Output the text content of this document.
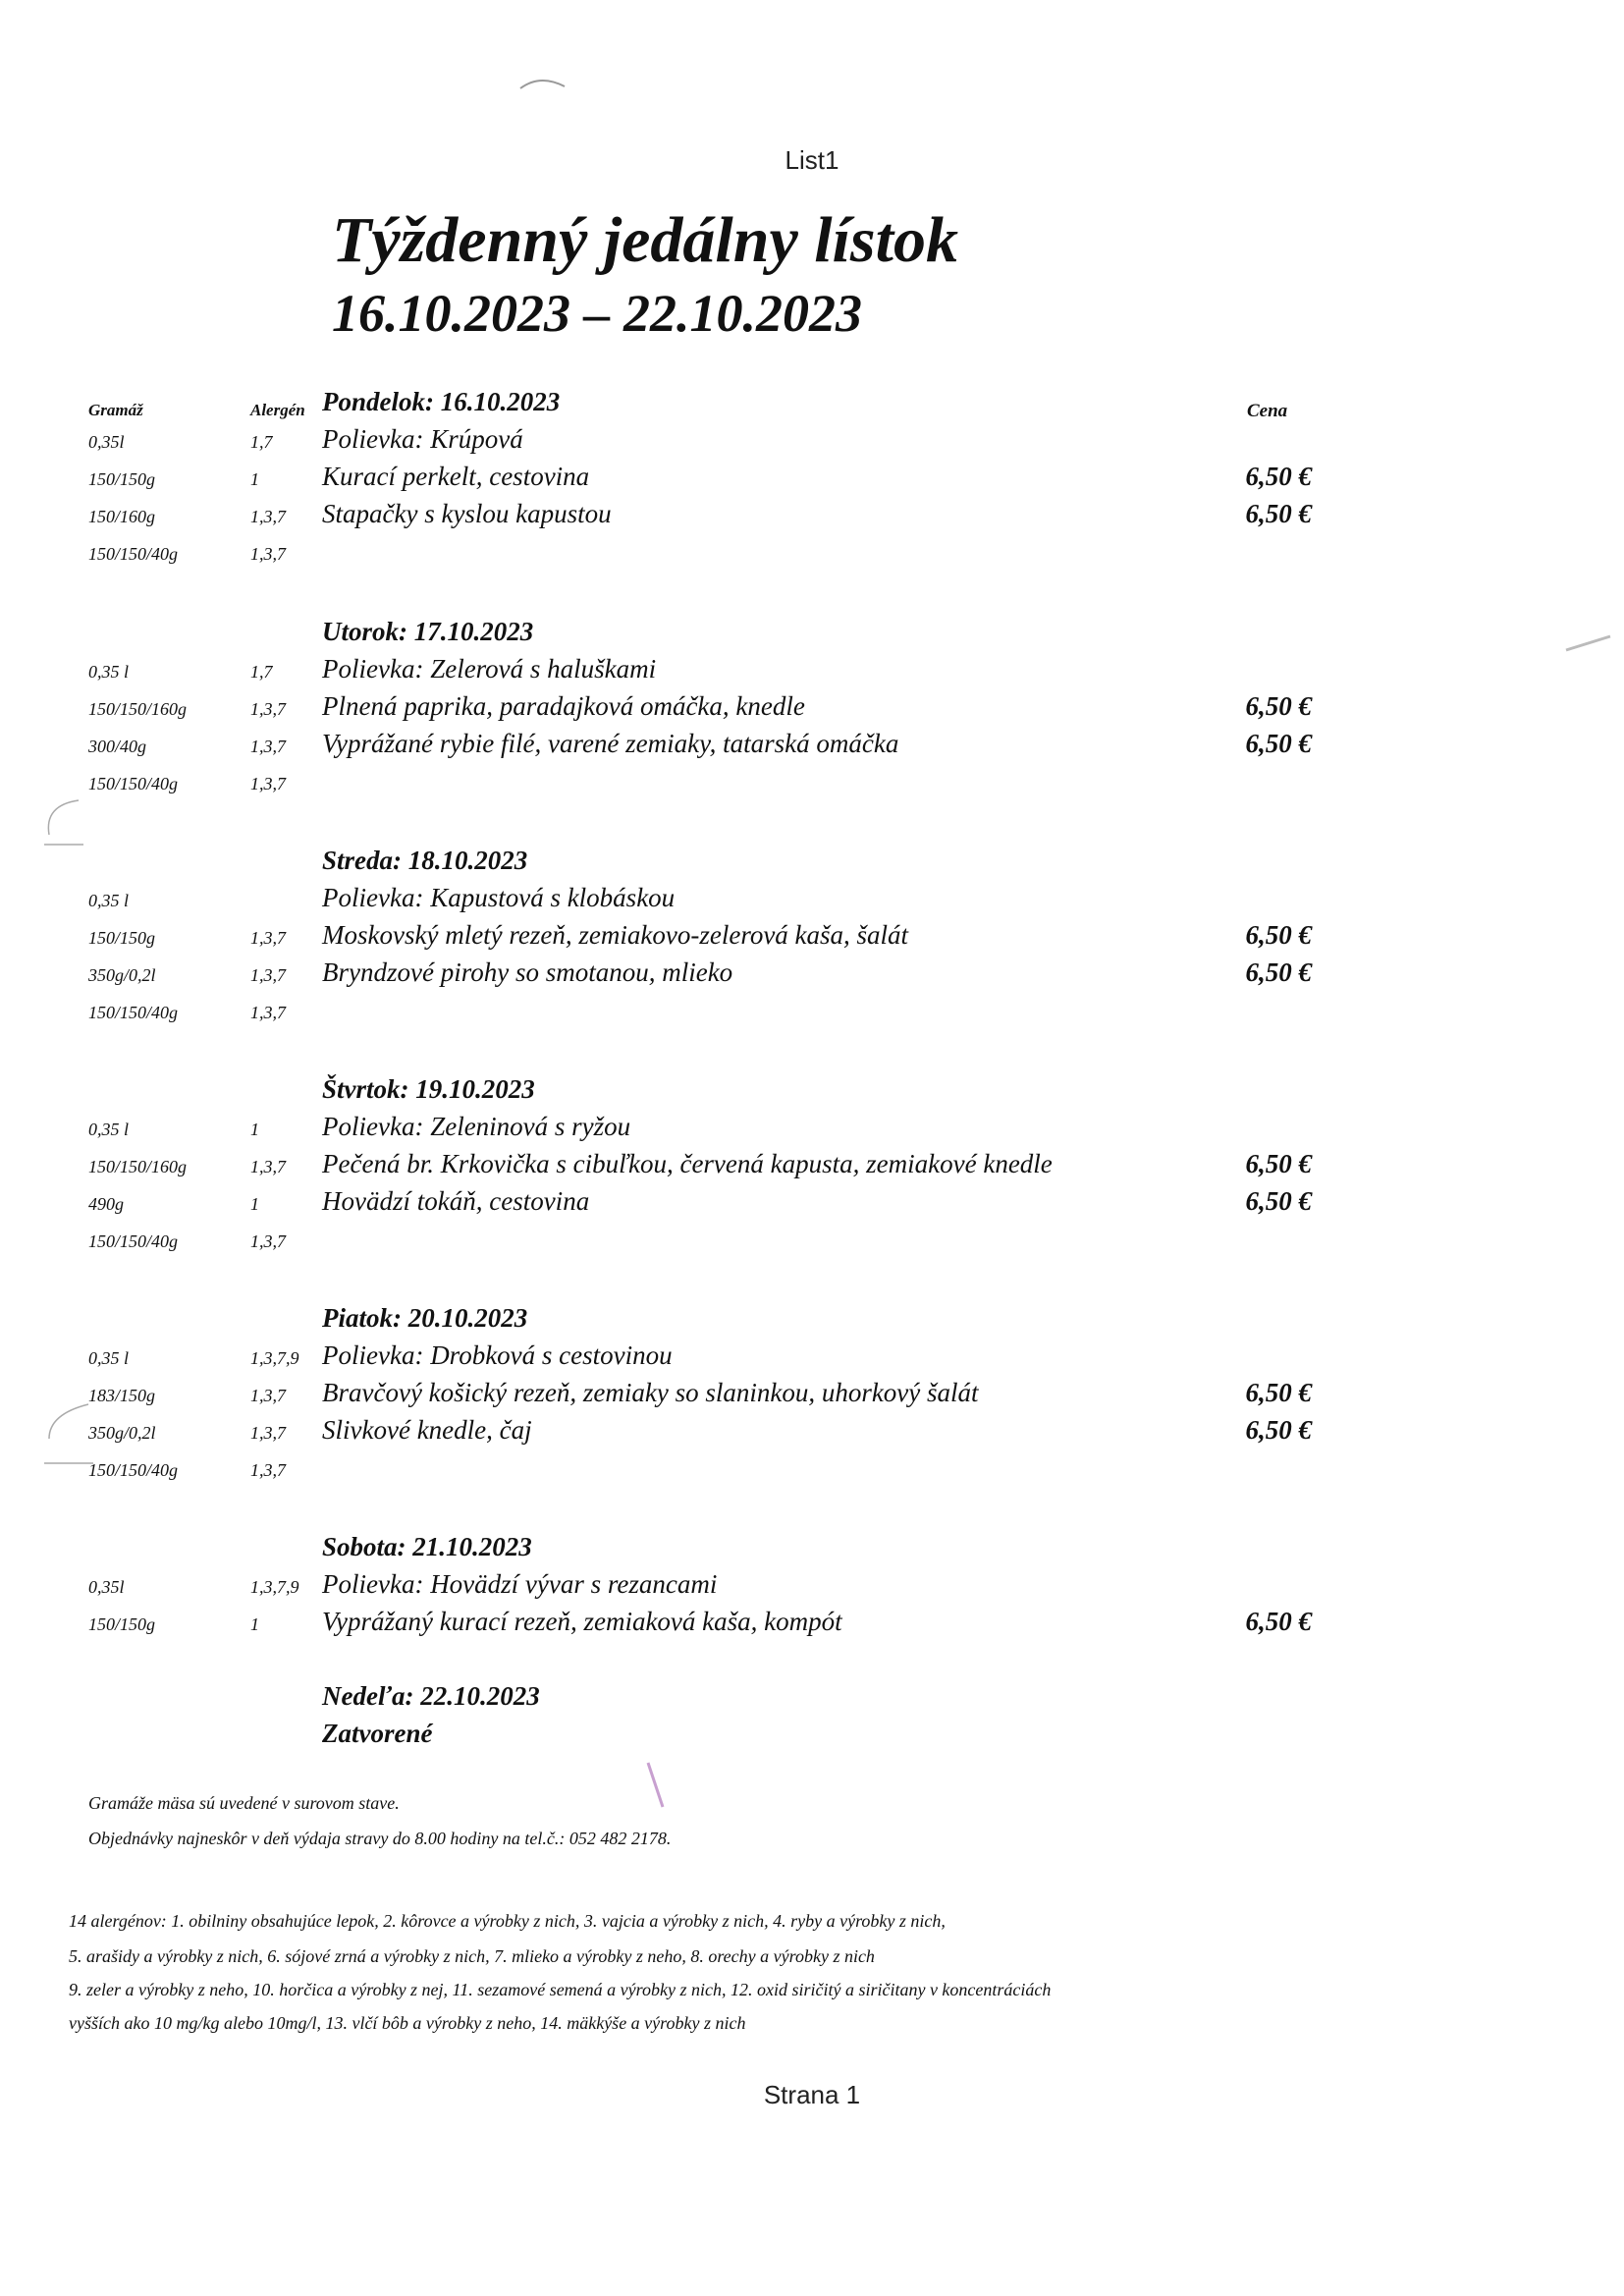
List1
Týždenný jedálny lístok
16.10.2023 – 22.10.2023
Gramáž	Alergén	Cena
Pondelok: 16.10.2023
0,35l	1,7 Polievka: Krúpová
150/150g	1 Kurací perkelt, cestovina	6,50 €
150/160g	1,3,7 Stapačky s kyslou kapustou	6,50 €
150/150/40g	1,3,7
Utorok: 17.10.2023
0,35 l	1,7 Polievka: Zelerová s haluškami
150/150/160g	1,3,7 Plnená paprika, paradajková omáčka, knedle	6,50 €
300/40g	1,3,7 Vyprážané rybie filé, varené zemiaky, tatarská omáčka	6,50 €
150/150/40g	1,3,7
Streda: 18.10.2023
0,35 l	Polievka: Kapustová s klobáskou
150/150g	1,3,7 Moskovský mletý rezeň, zemiakovo-zelerová kaša, šalát	6,50 €
350g/0,2l	1,3,7 Bryndzové pirohy so smotanou, mlieko	6,50 €
150/150/40g	1,3,7
Štvrtok: 19.10.2023
0,35 l	1 Polievka: Zeleninová s ryžou
150/150/160g	1,3,7 Pečená br. Krkovička s cibuľkou, červená kapusta, zemiakové knedle	6,50 €
490g	1 Hovädzí tokáň, cestovina	6,50 €
150/150/40g	1,3,7
Piatok: 20.10.2023
0,35 l	1,3,7,9 Polievka: Drobková s cestovinou
183/150g	1,3,7 Bravčový košický rezeň, zemiaky so slaninkou, uhorkový šalát	6,50 €
350g/0,2l	1,3,7 Slivkové knedle, čaj	6,50 €
150/150/40g	1,3,7
Sobota: 21.10.2023
0,35l	1,3,7,9 Polievka: Hovädzí vývar s rezancami
150/150g	1 Vyprážaný kurací rezeň, zemiaková kaša, kompót	6,50 €
Nedeľa: 22.10.2023
Zatvorené
Gramáže mäsa sú uvedené v surovom stave.
Objednávky najneskôr v deň výdaja stravy do 8.00 hodiny na tel.č.: 052 482 2178.
14 alergénov: 1. obilniny obsahujúce lepok, 2. kôrovce a výrobky z nich, 3. vajcia a výrobky z nich, 4. ryby a výrobky z nich,
5. arašidy a výrobky z nich, 6. sójové zrná a výrobky z nich, 7. mlieko a výrobky z neho, 8. orechy a výrobky z nich
9. zeler a výrobky z neho, 10. horčica a výrobky z nej, 11. sezamové semená a výrobky z nich, 12. oxid siričitý a siričitany v koncentráciách
vyšších ako 10 mg/kg alebo 10mg/l, 13. vlčí bôb a výrobky z neho, 14. mäkkýše a výrobky z nich
Strana 1
